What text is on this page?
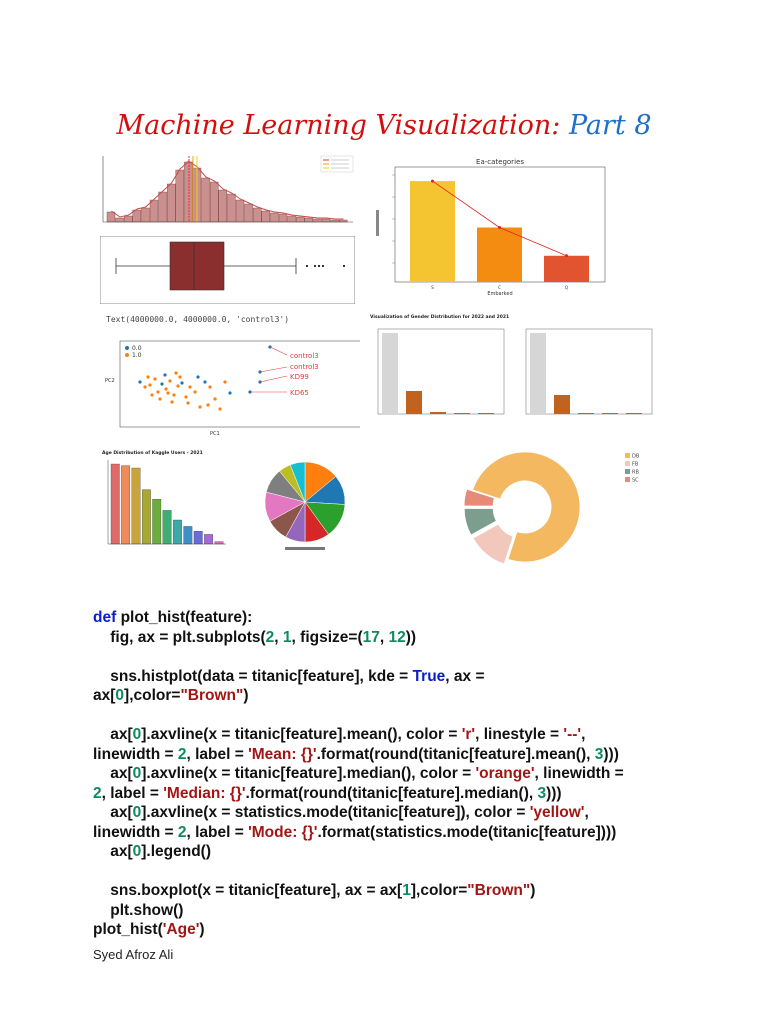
Machine Learning Visualization: Part 8
Text(4000000.0, 4000000.0, 'control3')
Ea-categories
S	C	Q
Embarked
0.0
1.0	control3
control3
KD99
KD65
PC1
PC2
Visualization of Gender Distribution for 2022 and 2021
Age Distribution of Kaggle Users - 2021	DB
FB
RB
SC
def plot_hist(feature):
fig, ax = plt.subplots(2, 1, figsize=(17, 12))

sns.histplot(data = titanic[feature], kde = True, ax =
ax[0],color="Brown")

ax[0].axvline(x = titanic[feature].mean(), color = 'r', linestyle = '--',
linewidth = 2, label = 'Mean: {}'.format(round(titanic[feature].mean(), 3)))
ax[0].axvline(x = titanic[feature].median(), color = 'orange', linewidth =
2, label = 'Median: {}'.format(round(titanic[feature].median(), 3)))
ax[0].axvline(x = statistics.mode(titanic[feature]), color = 'yellow',
linewidth = 2, label = 'Mode: {}'.format(statistics.mode(titanic[feature])))
ax[0].legend()

sns.boxplot(x = titanic[feature], ax = ax[1],color="Brown")
plt.show()
plot_hist('Age')
Syed Afroz Ali
